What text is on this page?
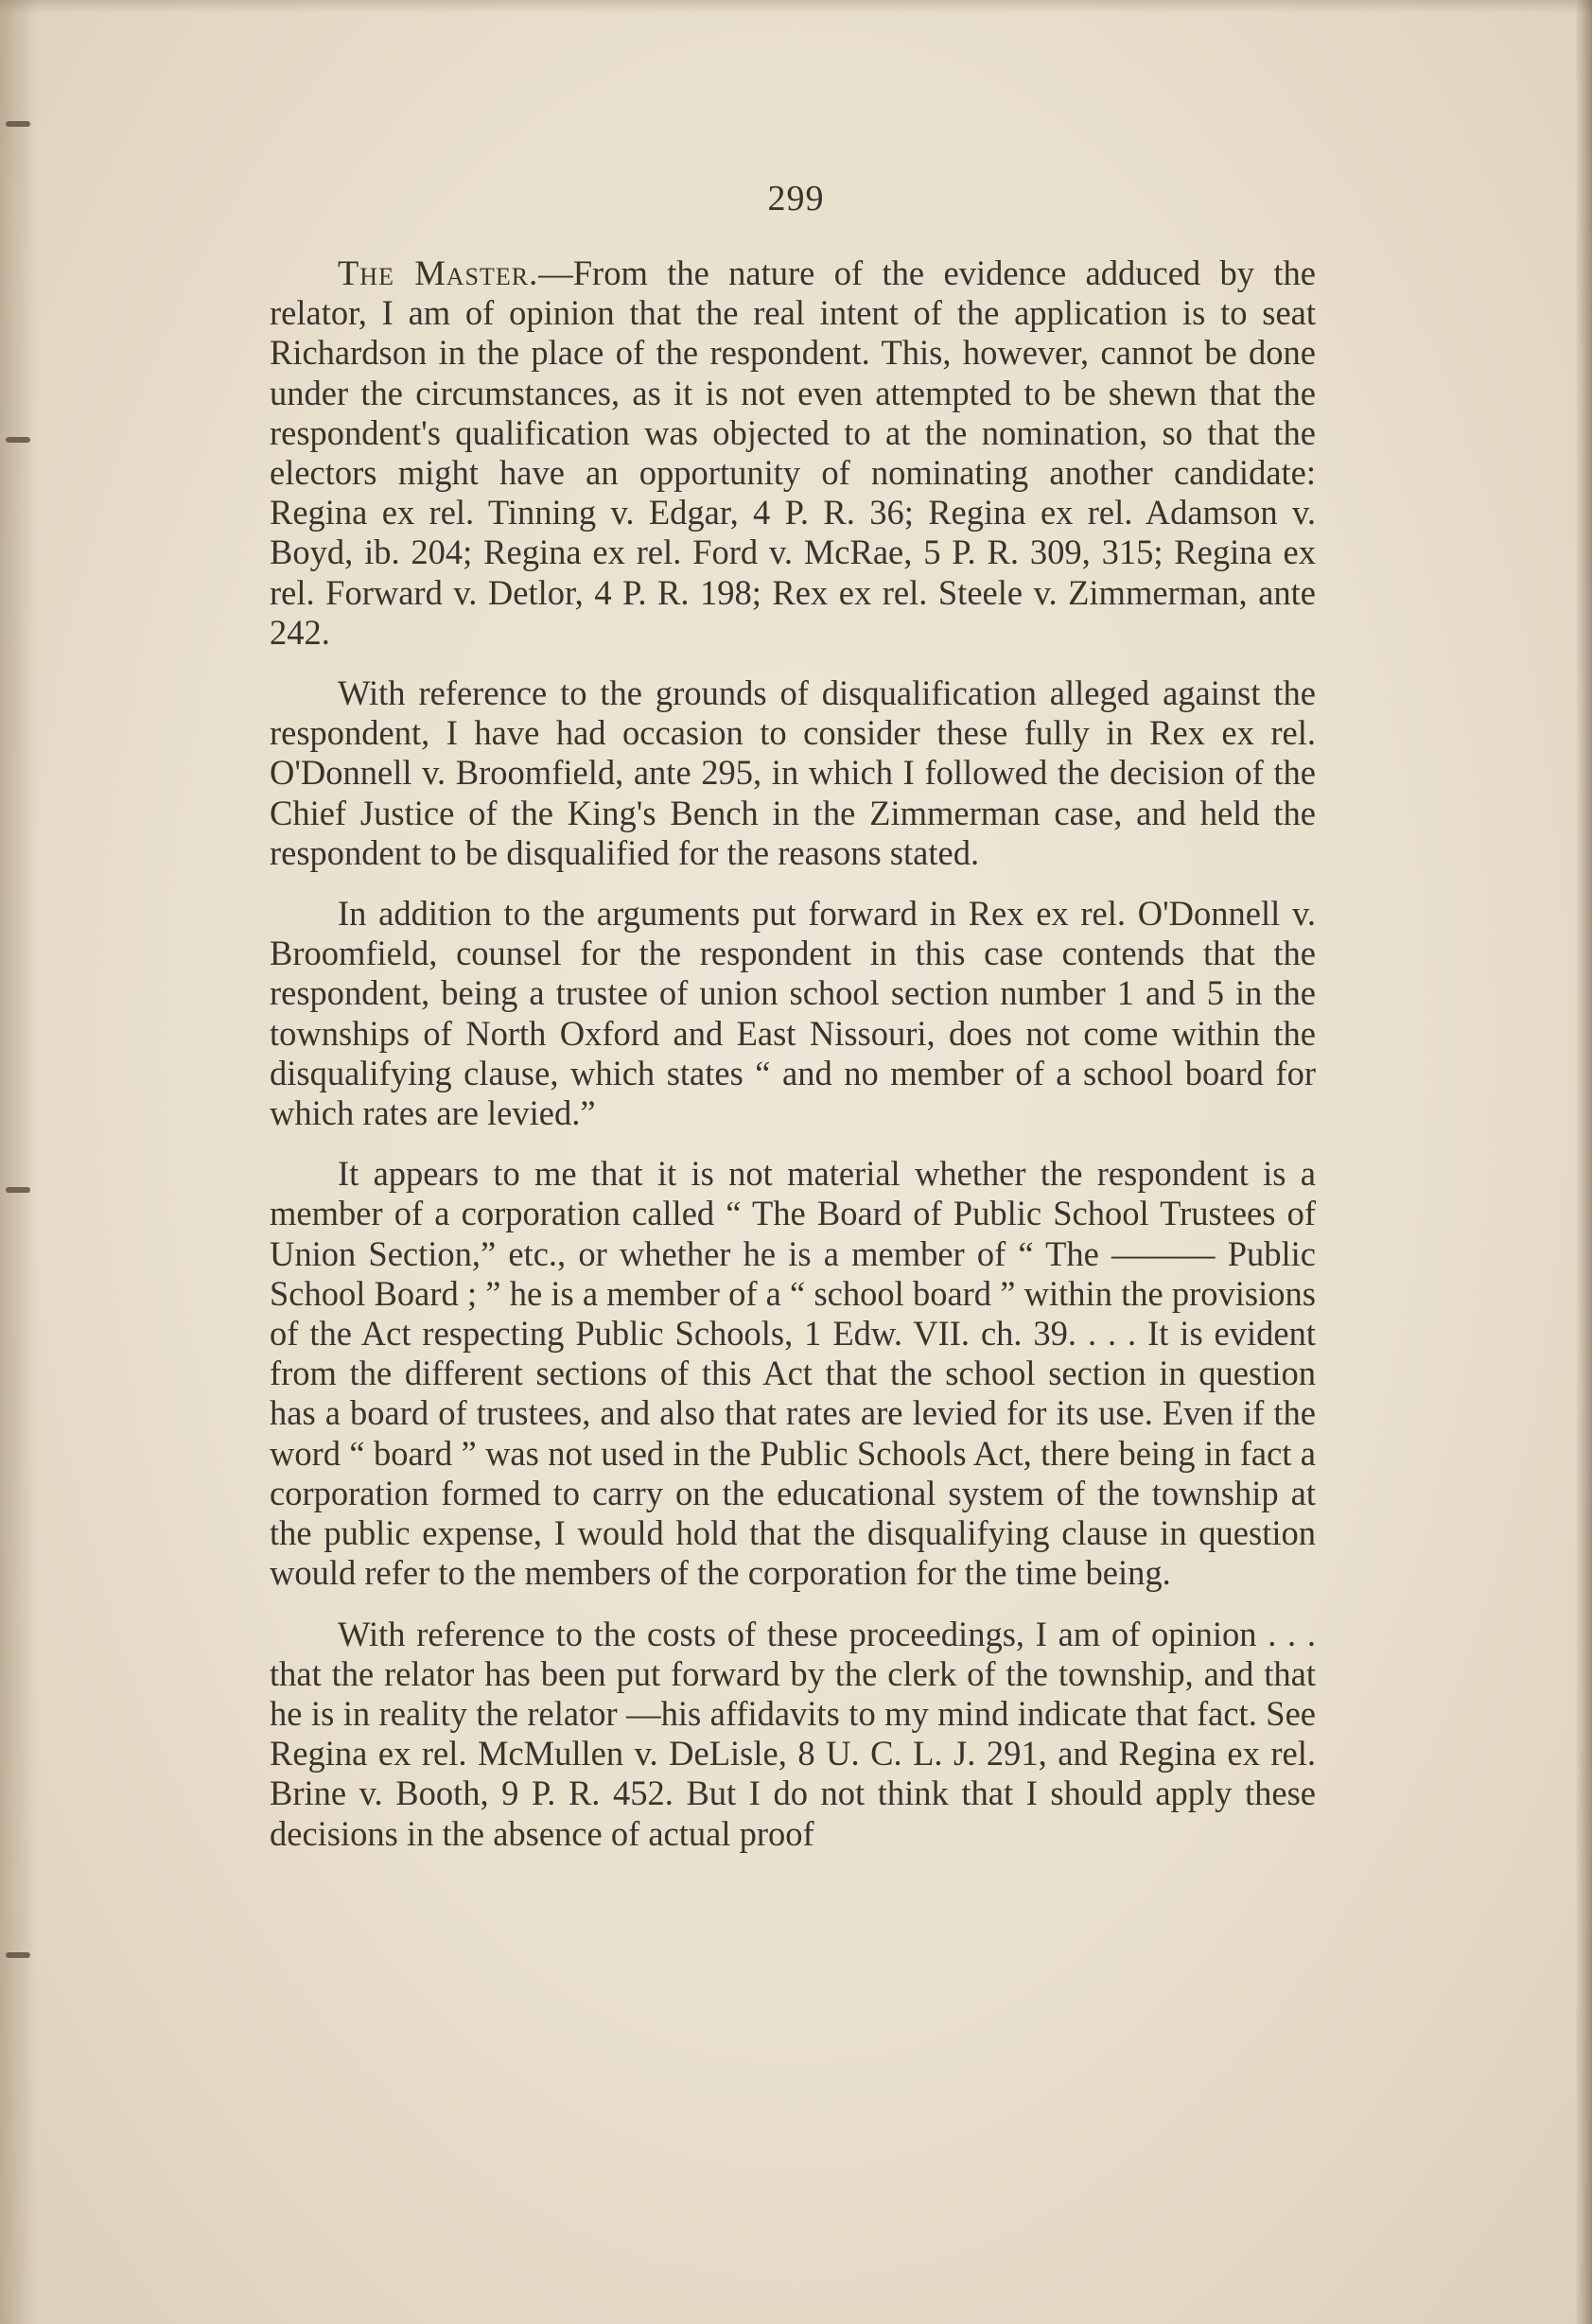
299

The Master.—From the nature of the evidence adduced by the relator, I am of opinion that the real intent of the application is to seat Richardson in the place of the respondent. This, however, cannot be done under the circumstances, as it is not even attempted to be shewn that the respondent's qualification was objected to at the nomination, so that the electors might have an opportunity of nominating another candidate: Regina ex rel. Tinning v. Edgar, 4 P. R. 36; Regina ex rel. Adamson v. Boyd, ib. 204; Regina ex rel. Ford v. McRae, 5 P. R. 309, 315; Regina ex rel. Forward v. Detlor, 4 P. R. 198; Rex ex rel. Steele v. Zimmerman, ante 242.

With reference to the grounds of disqualification alleged against the respondent, I have had occasion to consider these fully in Rex ex rel. O'Donnell v. Broomfield, ante 295, in which I followed the decision of the Chief Justice of the King's Bench in the Zimmerman case, and held the respondent to be disqualified for the reasons stated.

In addition to the arguments put forward in Rex ex rel. O'Donnell v. Broomfield, counsel for the respondent in this case contends that the respondent, being a trustee of union school section number 1 and 5 in the townships of North Oxford and East Nissouri, does not come within the disqualifying clause, which states “ and no member of a school board for which rates are levied.”

It appears to me that it is not material whether the respondent is a member of a corporation called “ The Board of Public School Trustees of Union Section,” etc., or whether he is a member of “ The ——— Public School Board ; ” he is a member of a “ school board ” within the provisions of the Act respecting Public Schools, 1 Edw. VII. ch. 39. . . . It is evident from the different sections of this Act that the school section in question has a board of trustees, and also that rates are levied for its use. Even if the word “ board ” was not used in the Public Schools Act, there being in fact a corporation formed to carry on the educational system of the township at the public expense, I would hold that the disqualifying clause in question would refer to the members of the corporation for the time being.

With reference to the costs of these proceedings, I am of opinion . . . that the relator has been put forward by the clerk of the township, and that he is in reality the relator —his affidavits to my mind indicate that fact. See Regina ex rel. McMullen v. DeLisle, 8 U. C. L. J. 291, and Regina ex rel. Brine v. Booth, 9 P. R. 452. But I do not think that I should apply these decisions in the absence of actual proof
